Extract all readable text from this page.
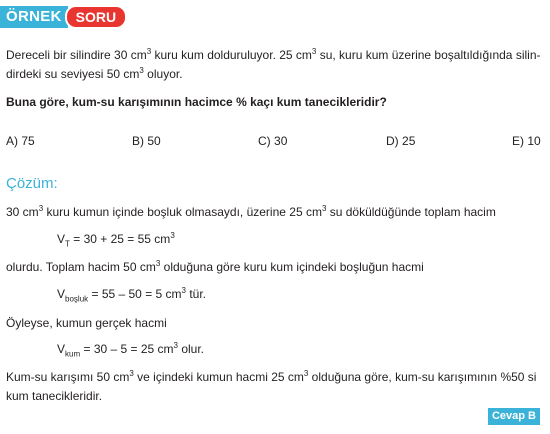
ÖRNEK	SORU
Dereceli bir silindire 30 $cm^3$ kuru kum dolduruluyor. 25 $cm^3$ su, kuru kum üzerine boşaltıldığında silin-
dirdeki su seviyesi 50 $cm^3$ oluyor.
Buna göre, kum-su karışımının hacimce % kaçı kum tanecikleridir?
A) 75	B) 50	C) 30	D) 25	E) 10
Çözüm:
30 $cm^3$ kuru kumun içinde boşluk olmasaydı, üzerine 25 $cm^3$ su döküldüğünde toplam hacim
$V_T = 30 + 25 = 55$ $cm^3$
olurdu. Toplam hacim 50 $cm^3$ olduğuna göre kuru kum içindeki boşluğun hacmi
$V_{boşluk} = 55 - 50 = 5$ $cm^3$ tür.
Öyleyse, kumun gerçek hacmi
$V_{kum} = 30 - 5 = 25$ $cm^3$ olur.
Kum-su karışımı 50 $cm^3$ ve içindeki kumun hacmi 25 $cm^3$ olduğuna göre, kum-su karışımının %50 si
kum tanecikleridir.
Cevap B
